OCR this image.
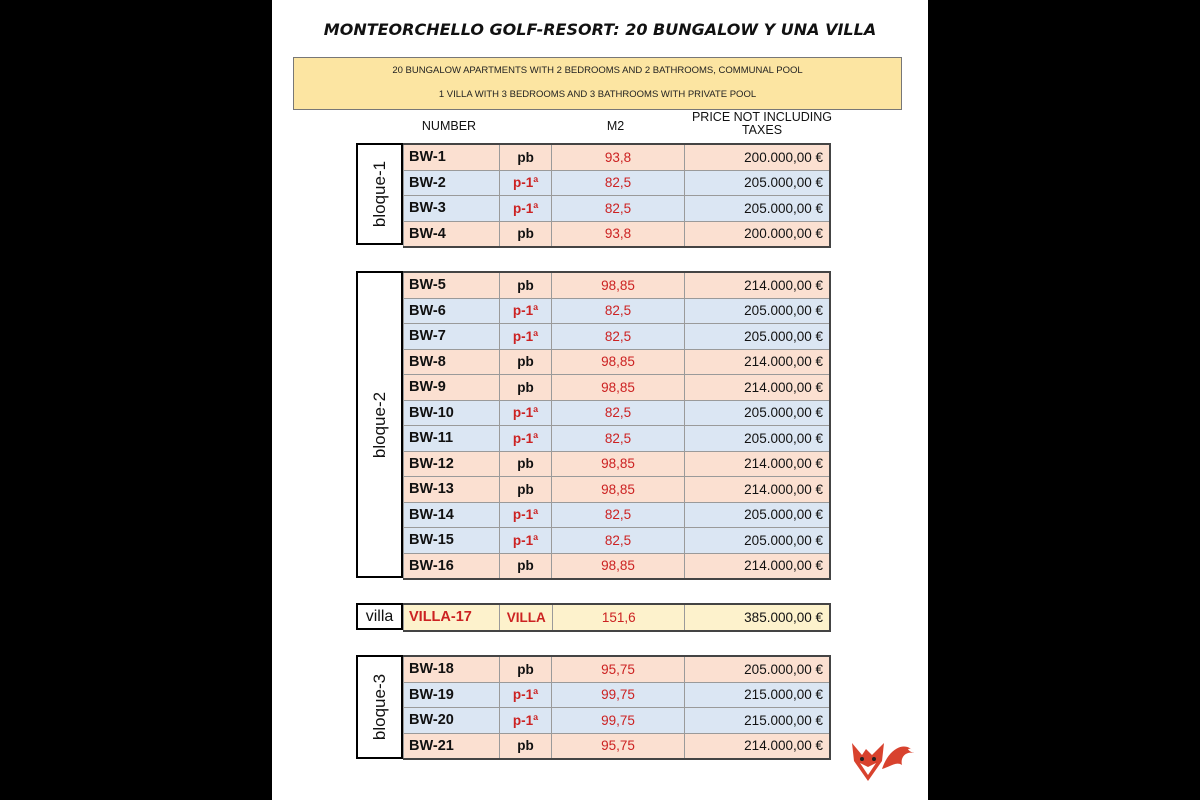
MONTEORCHELLO GOLF-RESORT: 20 BUNGALOW Y UNA VILLA
20 BUNGALOW APARTMENTS WITH 2 BEDROOMS AND 2 BATHROOMS, COMMUNAL POOL
1 VILLA WITH 3 BEDROOMS AND 3 BATHROOMS WITH PRIVATE POOL
NUMBER	M2
PRICE NOT INCLUDING
TAXES
bloque-1
BW-1	pb	93,8	200.000,00 €
BW-2	p-1ª	82,5	205.000,00 €
BW-3	p-1ª	82,5	205.000,00 €
BW-4	pb	93,8	200.000,00 €
bloque-2
BW-5	pb	98,85	214.000,00 €
BW-6	p-1ª	82,5	205.000,00 €
BW-7	p-1ª	82,5	205.000,00 €
BW-8	pb	98,85	214.000,00 €
BW-9	pb	98,85	214.000,00 €
BW-10	p-1ª	82,5	205.000,00 €
BW-11	p-1ª	82,5	205.000,00 €
BW-12	pb	98,85	214.000,00 €
BW-13	pb	98,85	214.000,00 €
BW-14	p-1ª	82,5	205.000,00 €
BW-15	p-1ª	82,5	205.000,00 €
BW-16	pb	98,85	214.000,00 €
villa	VILLA-17	VILLA	151,6	385.000,00 €
bloque-3
BW-18	pb	95,75	205.000,00 €
BW-19	p-1ª	99,75	215.000,00 €
BW-20	p-1ª	99,75	215.000,00 €
BW-21	pb	95,75	214.000,00 €
